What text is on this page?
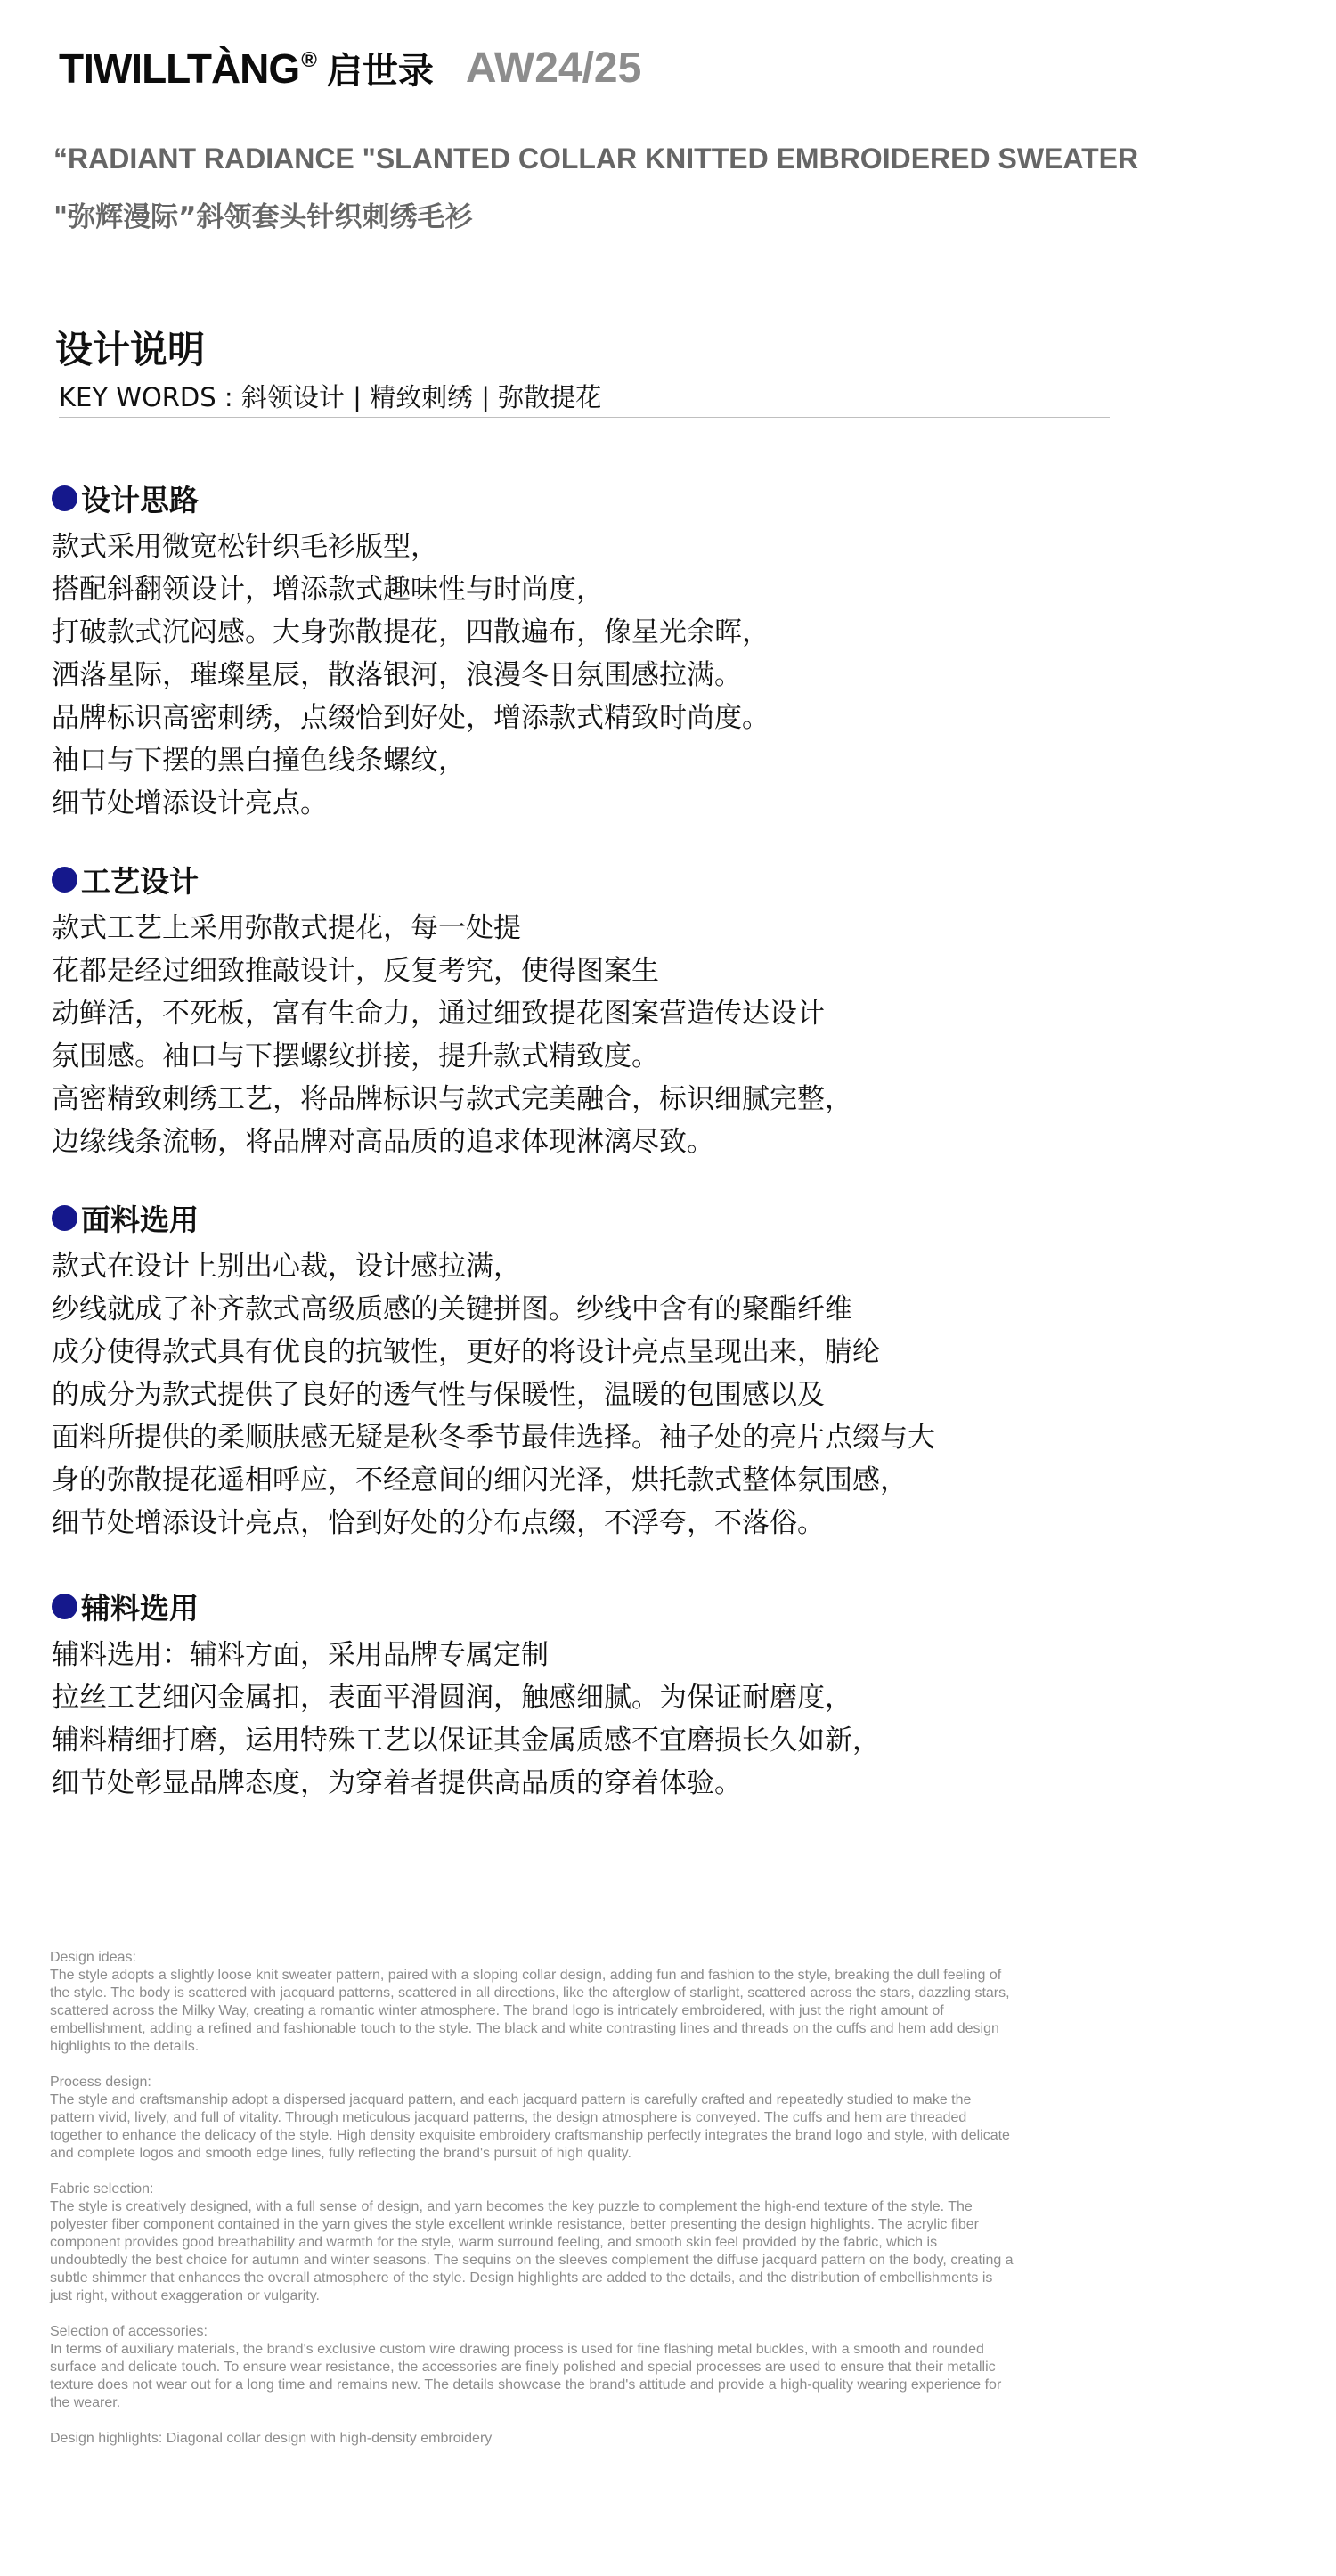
TIWILLTÀNG® 启世录 AW24/25
“RADIANT RADIANCE "SLANTED COLLAR KNITTED EMBROIDERED SWEATER
"弥辉漫际”斜领套头针织刺绣毛衫
设计说明
KEY WORDS : 斜领设计 | 精致刺绣 | 弥散提花
设计思路
款式采用微宽松针织毛衫版型，
搭配斜翻领设计，增添款式趣味性与时尚度，
打破款式沉闷感。大身弥散提花，四散遍布，像星光余晖，
洒落星际，璀璨星辰，散落银河，浪漫冬日氛围感拉满。
品牌标识高密刺绣，点缀恰到好处，增添款式精致时尚度。
袖口与下摆的黑白撞色线条螺纹，
细节处增添设计亮点。
工艺设计
款式工艺上采用弥散式提花，每一处提
花都是经过细致推敲设计，反复考究，使得图案生
动鲜活，不死板，富有生命力，通过细致提花图案营造传达设计
氛围感。袖口与下摆螺纹拼接，提升款式精致度。
高密精致刺绣工艺，将品牌标识与款式完美融合，标识细腻完整，
边缘线条流畅，将品牌对高品质的追求体现淋漓尽致。
面料选用
款式在设计上别出心裁，设计感拉满，
纱线就成了补齐款式高级质感的关键拼图。纱线中含有的聚酯纤维
成分使得款式具有优良的抗皱性，更好的将设计亮点呈现出来，腈纶
的成分为款式提供了良好的透气性与保暖性，温暖的包围感以及
面料所提供的柔顺肤感无疑是秋冬季节最佳选择。袖子处的亮片点缀与大
身的弥散提花遥相呼应，不经意间的细闪光泽，烘托款式整体氛围感，
细节处增添设计亮点，恰到好处的分布点缀，不浮夸，不落俗。
辅料选用
辅料选用：辅料方面，采用品牌专属定制
拉丝工艺细闪金属扣，表面平滑圆润，触感细腻。为保证耐磨度，
辅料精细打磨，运用特殊工艺以保证其金属质感不宜磨损长久如新，
细节处彰显品牌态度，为穿着者提供高品质的穿着体验。
Design ideas:
The style adopts a slightly loose knit sweater pattern, paired with a sloping collar design, adding fun and fashion to the style, breaking the dull feeling of
the style. The body is scattered with jacquard patterns, scattered in all directions, like the afterglow of starlight, scattered across the stars, dazzling stars,
scattered across the Milky Way, creating a romantic winter atmosphere. The brand logo is intricately embroidered, with just the right amount of
embellishment, adding a refined and fashionable touch to the style. The black and white contrasting lines and threads on the cuffs and hem add design
highlights to the details.
Process design:
The style and craftsmanship adopt a dispersed jacquard pattern, and each jacquard pattern is carefully crafted and repeatedly studied to make the
pattern vivid, lively, and full of vitality. Through meticulous jacquard patterns, the design atmosphere is conveyed. The cuffs and hem are threaded
together to enhance the delicacy of the style. High density exquisite embroidery craftsmanship perfectly integrates the brand logo and style, with delicate
and complete logos and smooth edge lines, fully reflecting the brand's pursuit of high quality.
Fabric selection:
The style is creatively designed, with a full sense of design, and yarn becomes the key puzzle to complement the high-end texture of the style. The
polyester fiber component contained in the yarn gives the style excellent wrinkle resistance, better presenting the design highlights. The acrylic fiber
component provides good breathability and warmth for the style, warm surround feeling, and smooth skin feel provided by the fabric, which is
undoubtedly the best choice for autumn and winter seasons. The sequins on the sleeves complement the diffuse jacquard pattern on the body, creating a
subtle shimmer that enhances the overall atmosphere of the style. Design highlights are added to the details, and the distribution of embellishments is
just right, without exaggeration or vulgarity.
Selection of accessories:
In terms of auxiliary materials, the brand's exclusive custom wire drawing process is used for fine flashing metal buckles, with a smooth and rounded
surface and delicate touch. To ensure wear resistance, the accessories are finely polished and special processes are used to ensure that their metallic
texture does not wear out for a long time and remains new. The details showcase the brand's attitude and provide a high-quality wearing experience for
the wearer.
Design highlights: Diagonal collar design with high-density embroidery
